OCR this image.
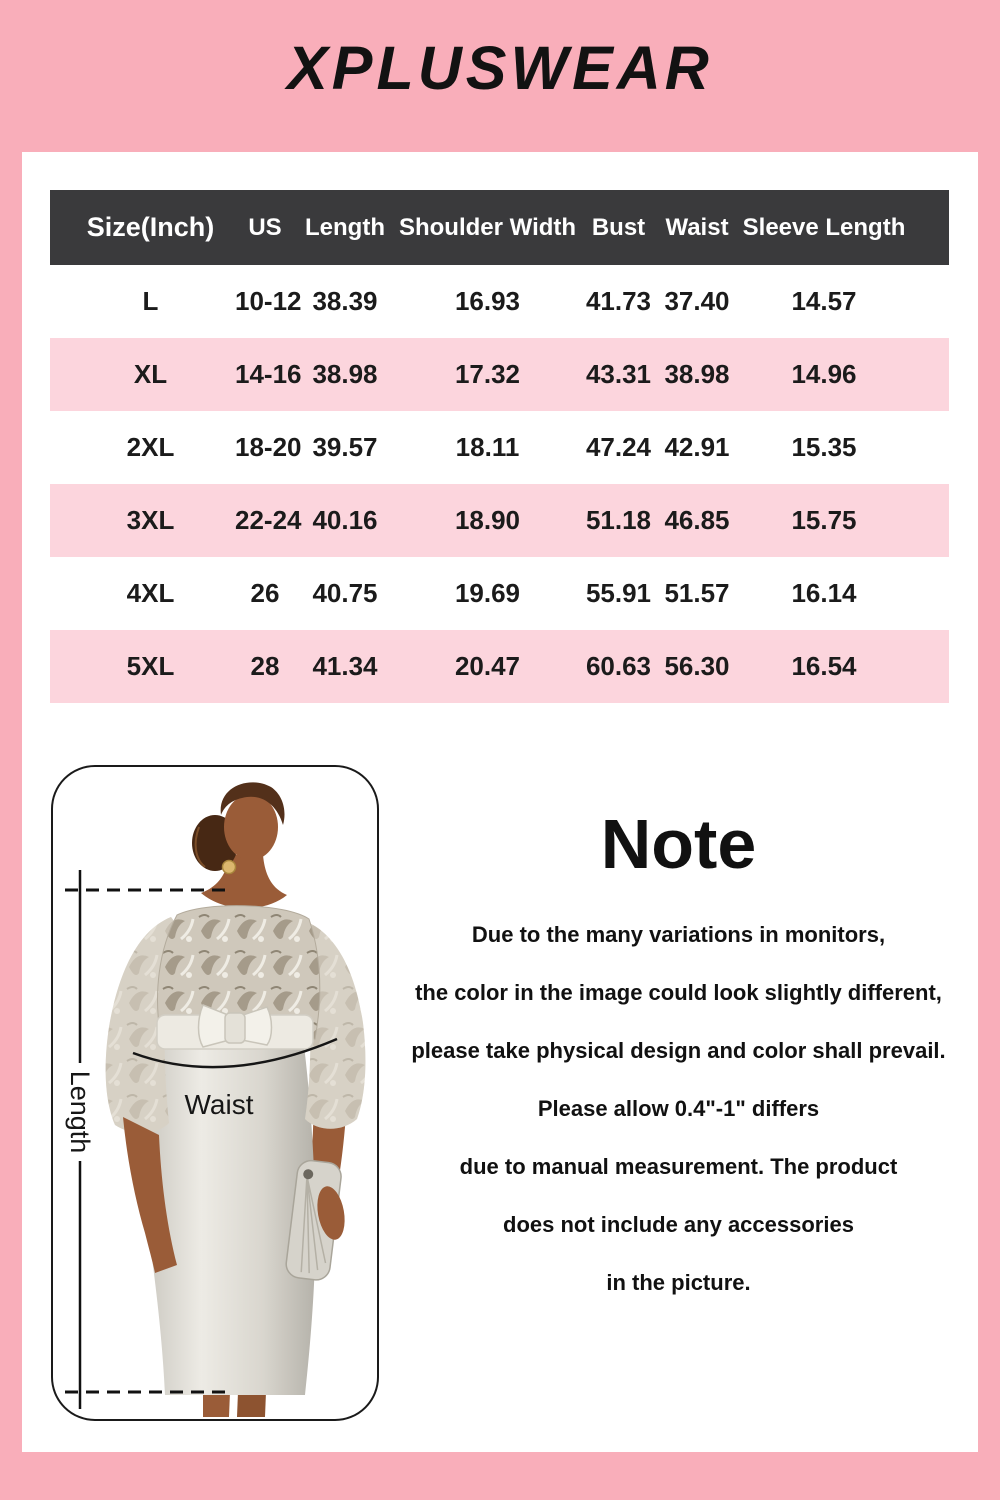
XPLUSWEAR
Size(Inch)	US Length Shoulder Width Bust Waist Sleeve Length
L	10-12 38.39	16.93	41.73 37.40	14.57
XL	14-16 38.98	17.32	43.31 38.98	14.96
2XL	18-20 39.57	18.11	47.24 42.91	15.35
3XL	22-24 40.16	18.90	51.18 46.85	15.75
4XL	26	40.75	19.69	55.91 51.57	16.14
5XL	28	41.34	20.47	60.63 56.30	16.54
Length	Waist
Note
Due to the many variations in monitors,
the color in the image could look slightly different,
please take physical design and color shall prevail.
Please allow 0.4"-1" differs
due to manual measurement. The product
does not include any accessories
in the picture.
